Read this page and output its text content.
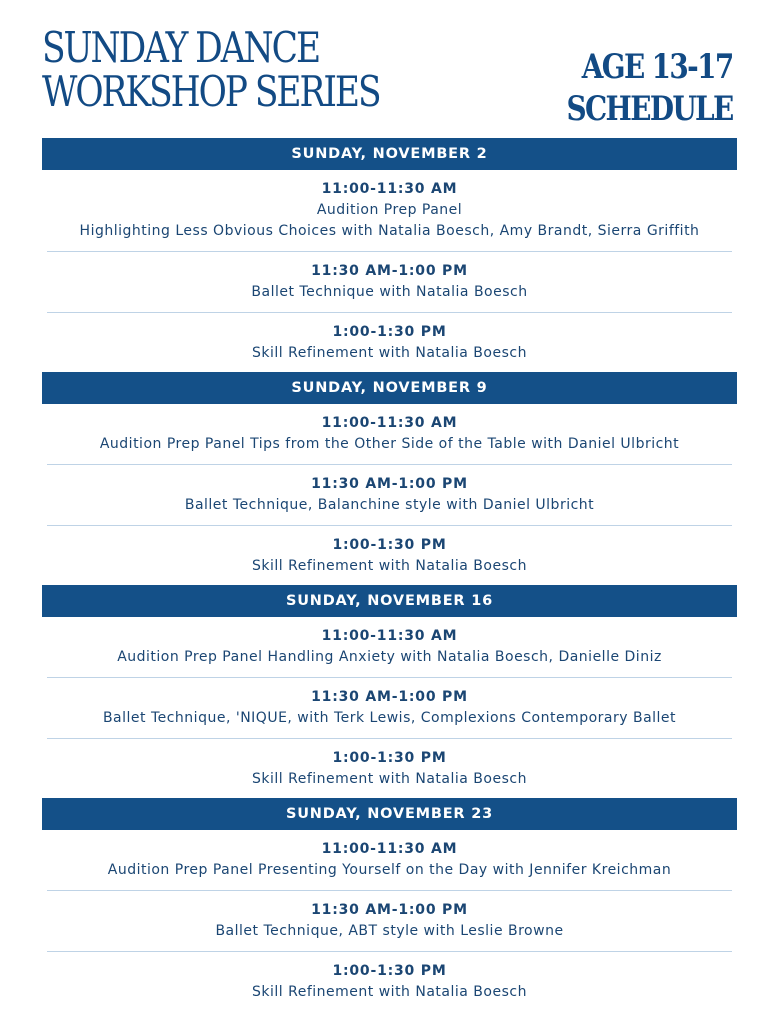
SUNDAY DANCE
WORKSHOP SERIES	AGE 13-17
SCHEDULE
SUNDAY, NOVEMBER 2
11:00-11:30 AM
Audition Prep Panel
Highlighting Less Obvious Choices with Natalia Boesch, Amy Brandt, Sierra Griffith
11:30 AM-1:00 PM
Ballet Technique with Natalia Boesch
1:00-1:30 PM
Skill Refinement with Natalia Boesch
SUNDAY, NOVEMBER 9
11:00-11:30 AM
Audition Prep Panel Tips from the Other Side of the Table with Daniel Ulbricht
11:30 AM-1:00 PM
Ballet Technique, Balanchine style with Daniel Ulbricht
1:00-1:30 PM
Skill Refinement with Natalia Boesch
SUNDAY, NOVEMBER 16
11:00-11:30 AM
Audition Prep Panel Handling Anxiety with Natalia Boesch, Danielle Diniz
11:30 AM-1:00 PM
Ballet Technique, 'NIQUE, with Terk Lewis, Complexions Contemporary Ballet
1:00-1:30 PM
Skill Refinement with Natalia Boesch
SUNDAY, NOVEMBER 23
11:00-11:30 AM
Audition Prep Panel Presenting Yourself on the Day with Jennifer Kreichman
11:30 AM-1:00 PM
Ballet Technique, ABT style with Leslie Browne
1:00-1:30 PM
Skill Refinement with Natalia Boesch
